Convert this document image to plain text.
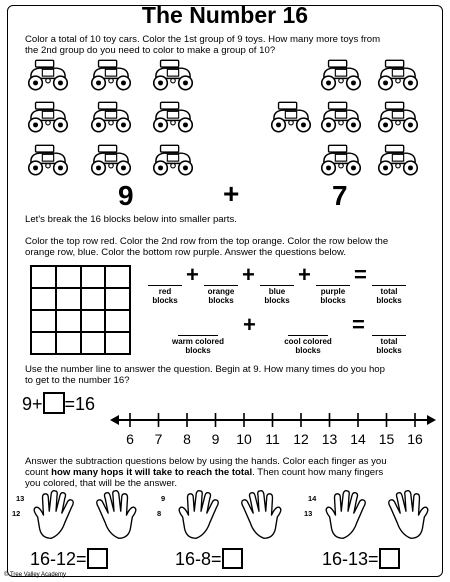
The Number 16
Color a total of 10 toy cars. Color the 1st group of 9 toys. How many more toys from
the 2nd group do you need to color to make a group of 10?
9	+	7
Let's break the 16 blocks below into smaller parts.
Color the top row red. Color the 2nd row from the top orange. Color the row below the
orange row, blue. Color the bottom row purple. Answer the questions below.
red
blocks
+
orange
blocks
+
blue
blocks
+
purple
blocks
=
total
blocks
warm colored
blocks
+
cool colored
blocks
=
total
blocks
Use the number line to answer the question. Begin at 9. How many times do you hop
to get to the number 16?
9+ =16
6 7 8 9 10 11 12 13 14 15 16
Answer the subtraction questions below by using the hands. Color each finger as you
count how many hops it will take to reach the total. Then count how many fingers
you colored, that will be the answer.
13
12
16-12=
9
8
16-8=
14
13
16-13=
© Tree Valley Academy
